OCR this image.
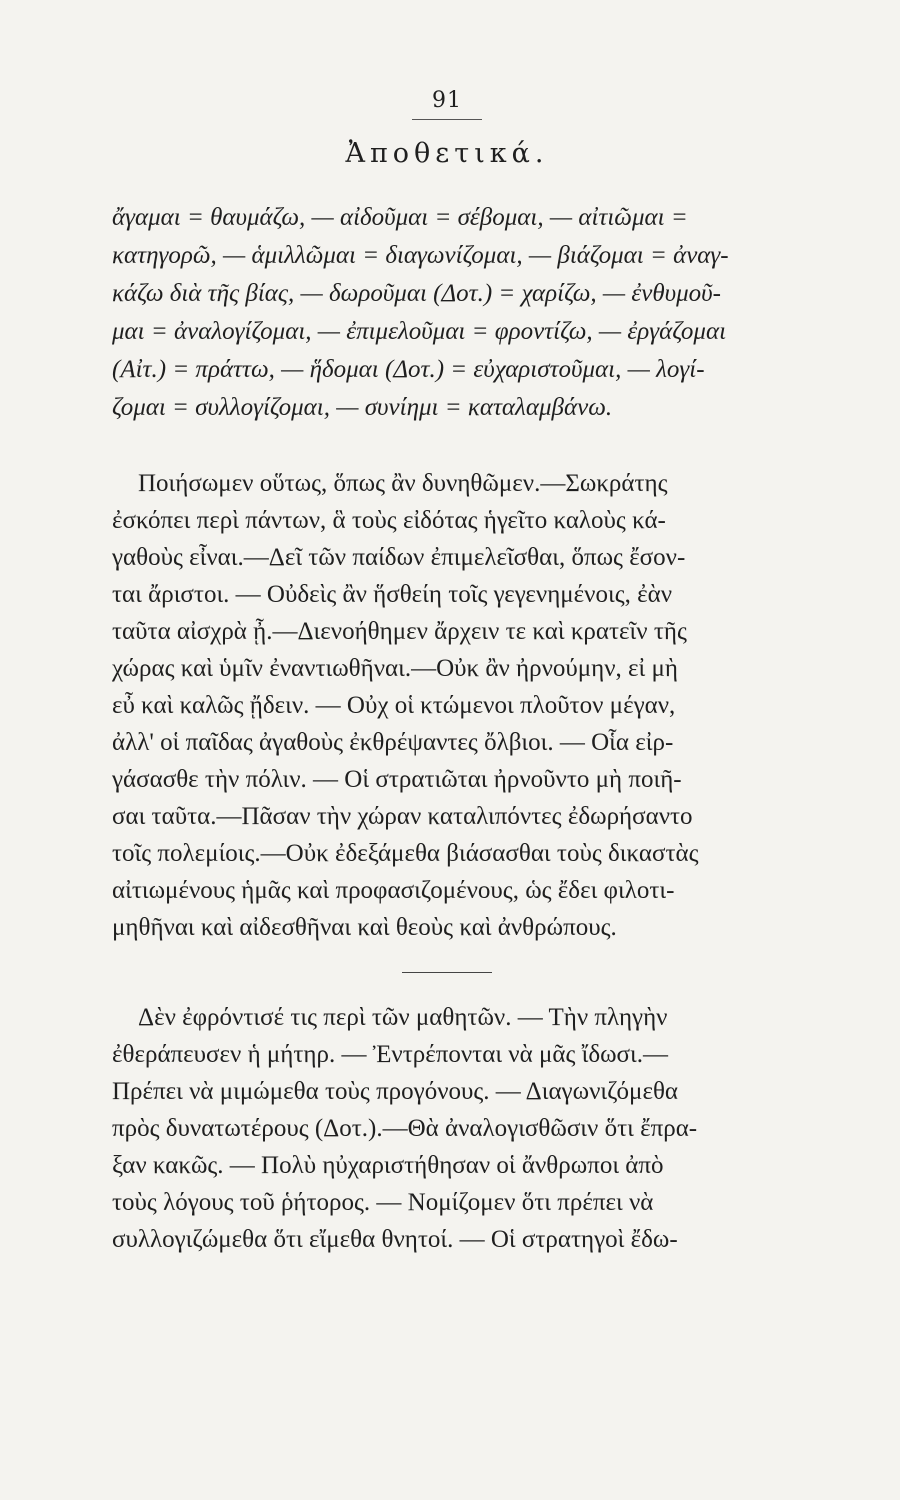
91
Ἀποθετικά.
ἄγαμαι = θαυμάζω, — αἰδοῦμαι = σέβομαι, — αἰτιῶμαι =
κατηγορῶ, — ἁμιλλῶμαι = διαγωνίζομαι, — βιάζομαι = ἀναγ-
κάζω διὰ τῆς βίας, — δωροῦμαι (Δοτ.) = χαρίζω, — ἐνθυμοῦ-
μαι = ἀναλογίζομαι, — ἐπιμελοῦμαι = φροντίζω, — ἐργάζομαι
(Αἰτ.) = πράττω, — ἥδομαι (Δοτ.) = εὐχαριστοῦμαι, — λογί-
ζομαι = συλλογίζομαι, — συνίημι = καταλαμβάνω.
Ποιήσωμεν οὕτως, ὅπως ἂν δυνηθῶμεν.—Σωκράτης
ἐσκόπει περὶ πάντων, ἃ τοὺς εἰδότας ἡγεῖτο καλοὺς κά-
γαθοὺς εἶναι.—Δεῖ τῶν παίδων ἐπιμελεῖσθαι, ὅπως ἔσον-
ται ἄριστοι. — Οὐδεὶς ἂν ἥσθείη τοῖς γεγενημένοις, ἐὰν
ταῦτα αἰσχρὰ ᾖ.—Διενοήθημεν ἄρχειν τε καὶ κρατεῖν τῆς
χώρας καὶ ὑμῖν ἐναντιωθῆναι.—Οὐκ ἂν ἠρνούμην, εἰ μὴ
εὖ καὶ καλῶς ᾔδειν. — Οὐχ οἱ κτώμενοι πλοῦτον μέγαν,
ἀλλ' οἱ παῖδας ἀγαθοὺς ἐκθρέψαντες ὄλβιοι. — Οἷα εἰρ-
γάσασθε τὴν πόλιν. — Οἱ στρατιῶται ἠρνοῦντο μὴ ποιῆ-
σαι ταῦτα.—Πᾶσαν τὴν χώραν καταλιπόντες ἐδωρήσαντο
τοῖς πολεμίοις.—Οὐκ ἐδεξάμεθα βιάσασθαι τοὺς δικαστὰς
αἰτιωμένους ἡμᾶς καὶ προφασιζομένους, ὡς ἔδει φιλοτι-
μηθῆναι καὶ αἰδεσθῆναι καὶ θεοὺς καὶ ἀνθρώπους.
Δὲν ἐφρόντισέ τις περὶ τῶν μαθητῶν. — Τὴν πληγὴν
ἐθεράπευσεν ἡ μήτηρ. — Ἐντρέπονται νὰ μᾶς ἴδωσι.—
Πρέπει νὰ μιμώμεθα τοὺς προγόνους. — Διαγωνιζόμεθα
πρὸς δυνατωτέρους (Δοτ.).—Θὰ ἀναλογισθῶσιν ὅτι ἔπρα-
ξαν κακῶς. — Πολὺ ηὐχαριστήθησαν οἱ ἄνθρωποι ἀπὸ
τοὺς λόγους τοῦ ῥήτορος. — Νομίζομεν ὅτι πρέπει νὰ
συλλογιζώμεθα ὅτι εἴμεθα θνητοί. — Οἱ στρατηγοὶ ἔδω-
